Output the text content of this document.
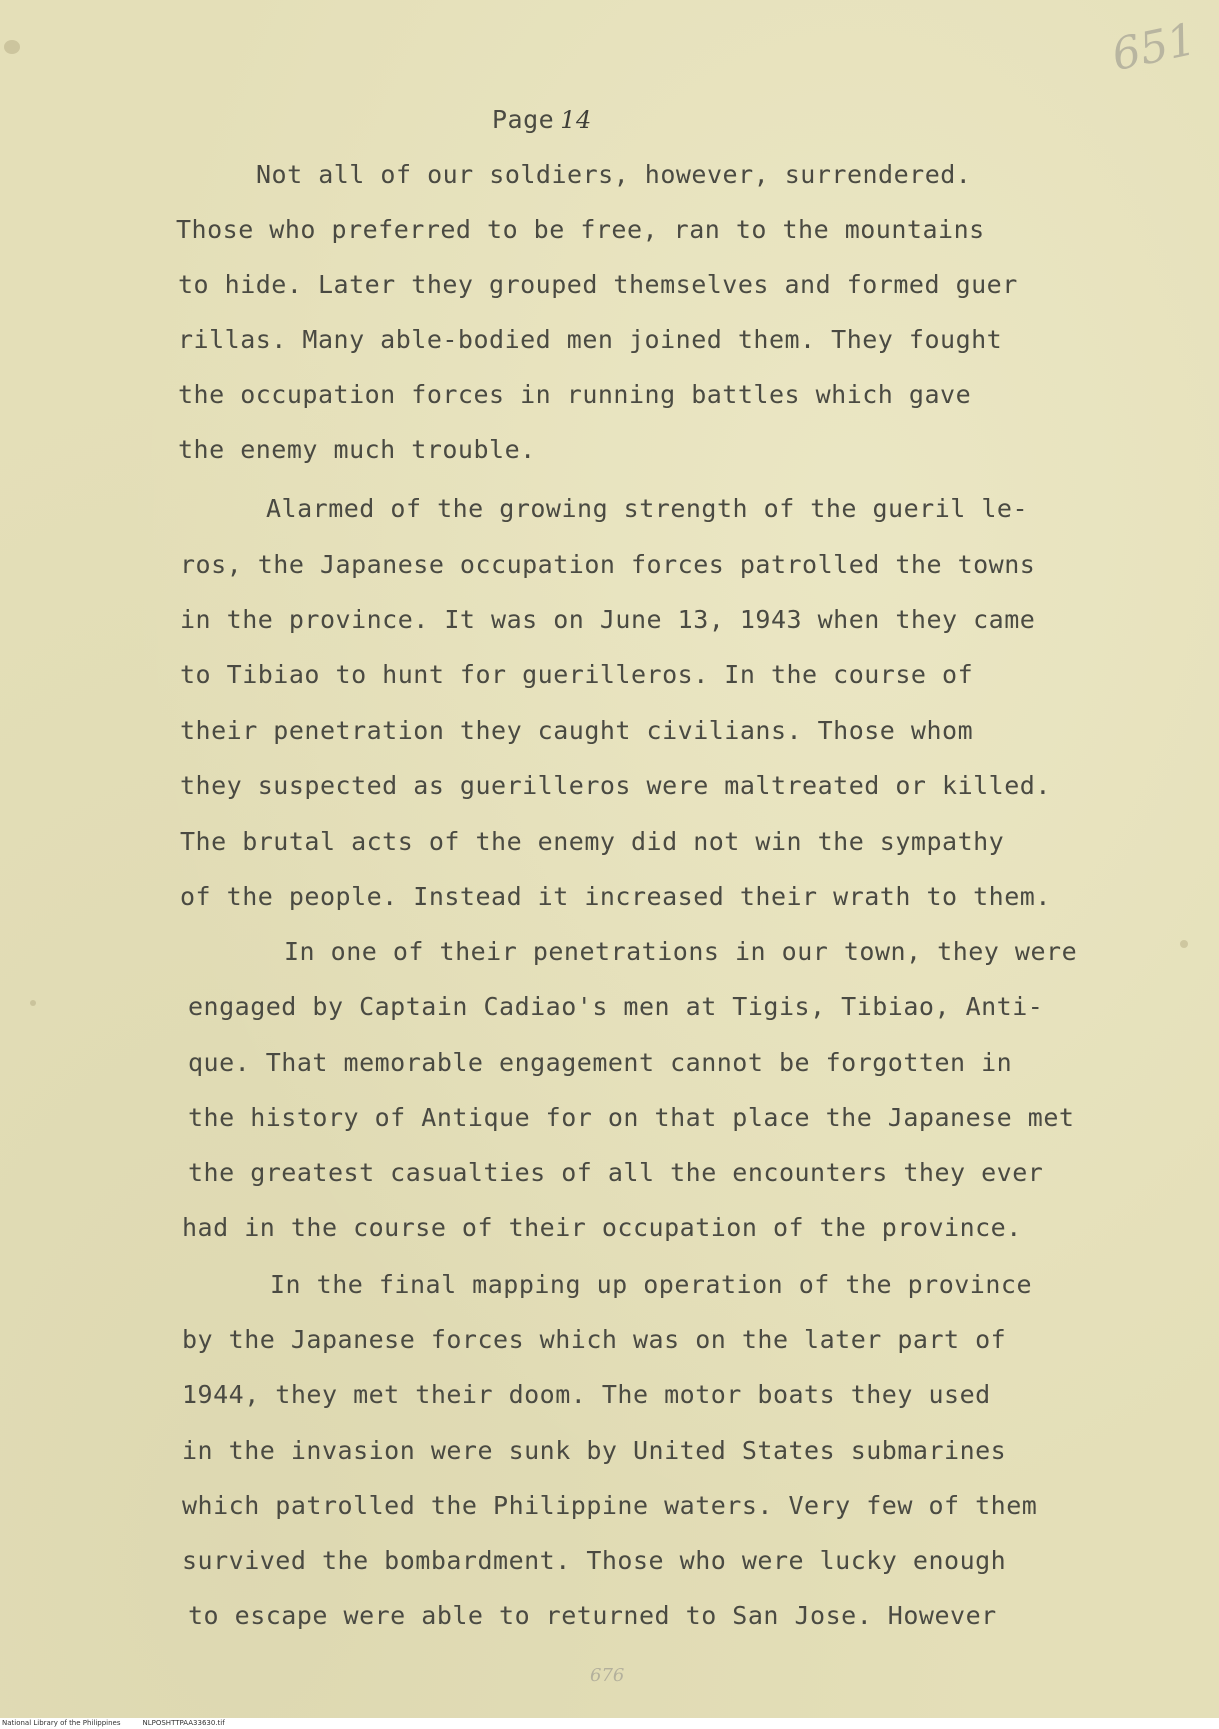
651
Page 14
Not all of our soldiers, however, surrendered.
Those who preferred to be free, ran to the mountains
to hide. Later they grouped themselves and formed guer
rillas. Many able-bodied men joined them. They fought
the occupation forces in running battles which gave
the enemy much trouble.
Alarmed of the growing strength of the gueril le-
ros, the Japanese occupation forces patrolled the towns
in the province. It was on June 13, 1943 when they came
to Tibiao to hunt for guerilleros. In the course of
their penetration they caught civilians. Those whom
they suspected as guerilleros were maltreated or killed.
The brutal acts of the enemy did not win the sympathy
of the people. Instead it increased their wrath to them.
In one of their penetrations in our town, they were
engaged by Captain Cadiao's men at Tigis, Tibiao, Anti-
que. That memorable engagement cannot be forgotten in
the history of Antique for on that place the Japanese met
the greatest casualties of all the encounters they ever
had in the course of their occupation of the province.
In the final mapping up operation of the province
by the Japanese forces which was on the later part of
1944, they met their doom. The motor boats they used
in the invasion were sunk by United States submarines
which patrolled the Philippine waters. Very few of them
survived the bombardment. Those who were lucky enough
to escape were able to returned to San Jose. However
676
National Library of the Philippines	NLPOSHTTPAA33630.tif
